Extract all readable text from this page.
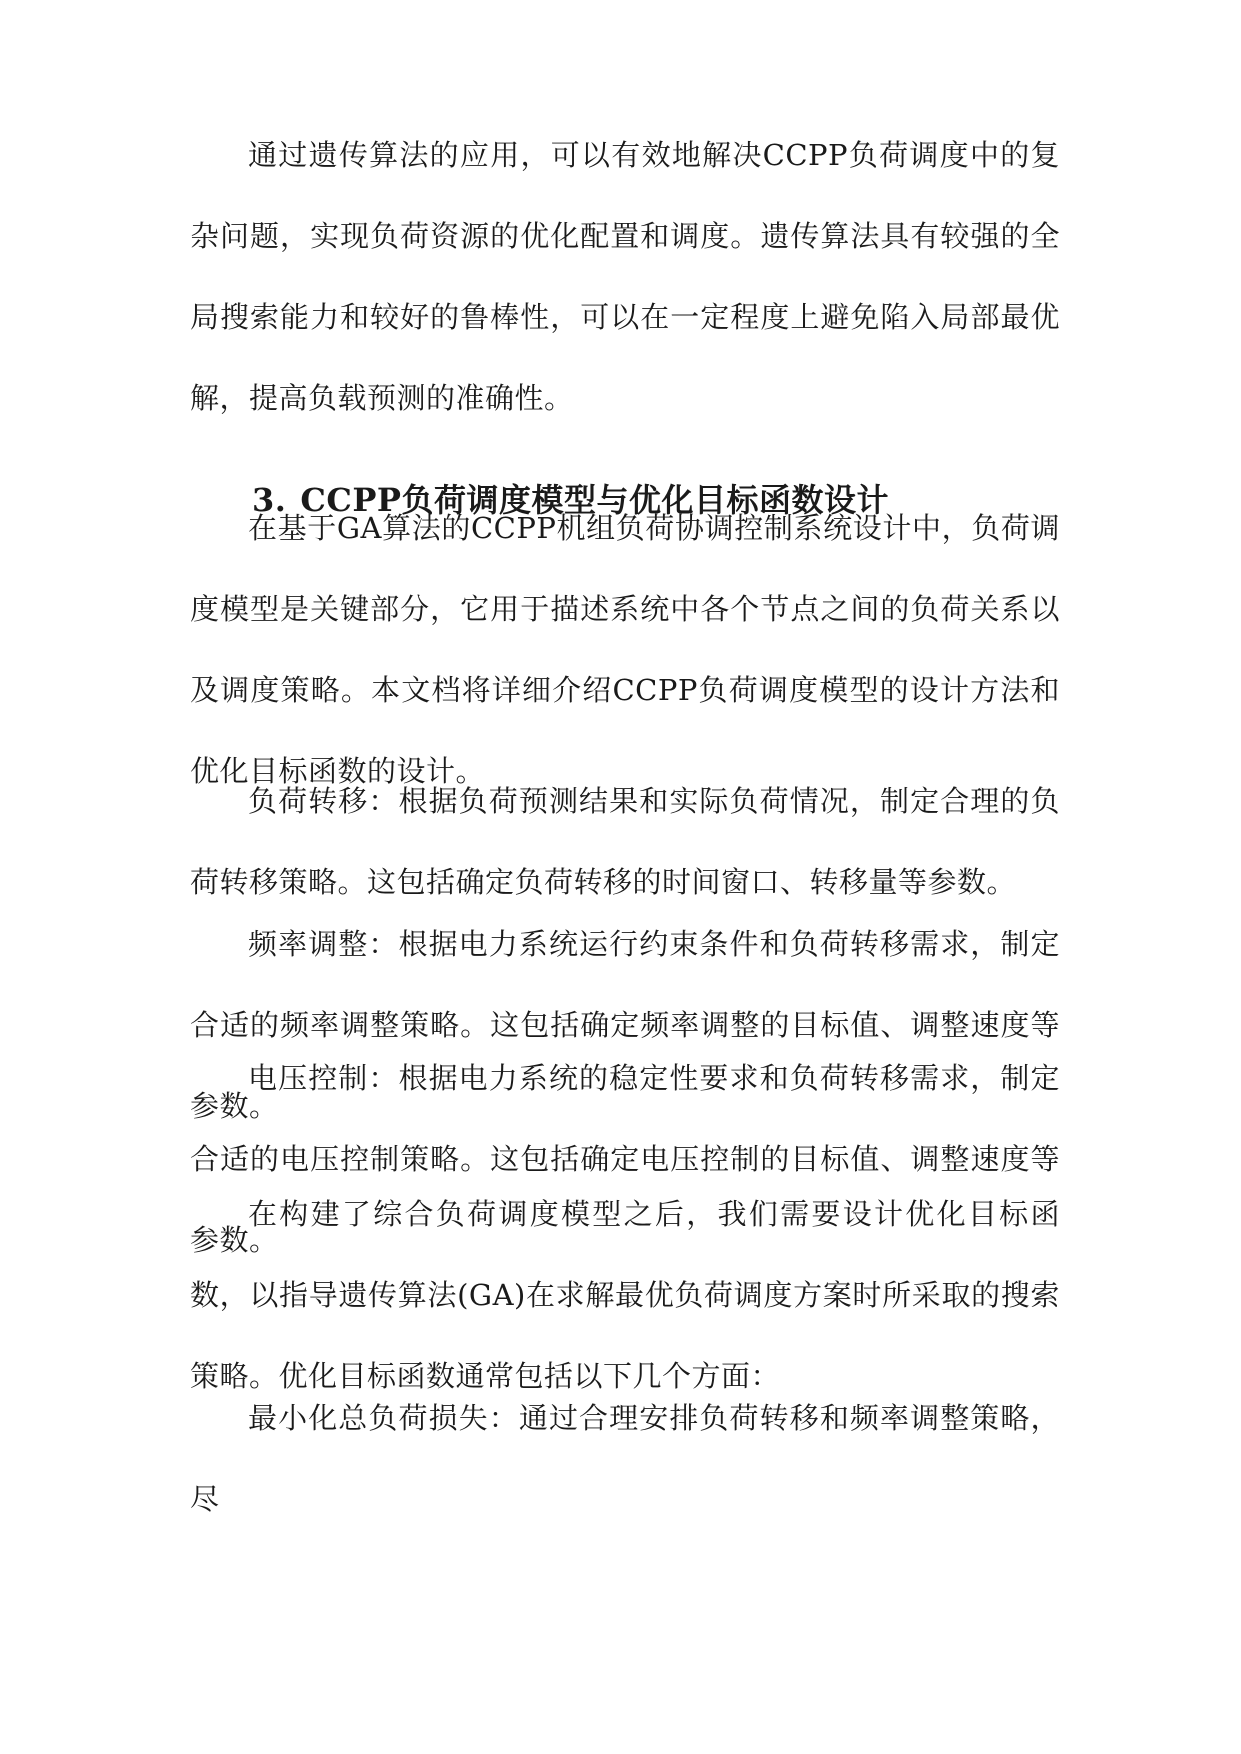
通过遗传算法的应用，可以有效地解决CCPP负荷调度中的复杂问题，实现负荷资源的优化配置和调度。遗传算法具有较强的全局搜索能力和较好的鲁棒性，可以在一定程度上避免陷入局部最优解，提高负载预测的准确性。

3. CCPP负荷调度模型与优化目标函数设计

在基于GA算法的CCPP机组负荷协调控制系统设计中，负荷调度模型是关键部分，它用于描述系统中各个节点之间的负荷关系以及调度策略。本文档将详细介绍CCPP负荷调度模型的设计方法和优化目标函数的设计。

负荷转移：根据负荷预测结果和实际负荷情况，制定合理的负荷转移策略。这包括确定负荷转移的时间窗口、转移量等参数。

频率调整：根据电力系统运行约束条件和负荷转移需求，制定合适的频率调整策略。这包括确定频率调整的目标值、调整速度等参数。

电压控制：根据电力系统的稳定性要求和负荷转移需求，制定合适的电压控制策略。这包括确定电压控制的目标值、调整速度等参数。

在构建了综合负荷调度模型之后，我们需要设计优化目标函数，以指导遗传算法(GA)在求解最优负荷调度方案时所采取的搜索策略。优化目标函数通常包括以下几个方面：

最小化总负荷损失：通过合理安排负荷转移和频率调整策略，尽
